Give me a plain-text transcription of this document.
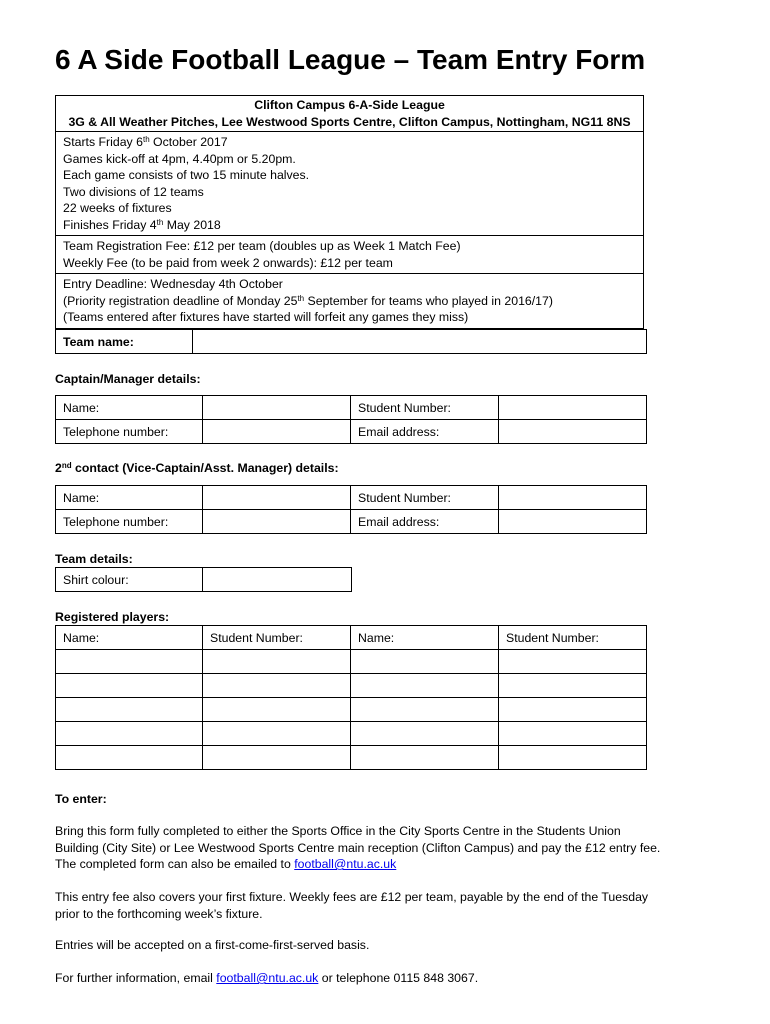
6 A Side Football League – Team Entry Form
Clifton Campus 6-A-Side League
3G & All Weather Pitches, Lee Westwood Sports Centre, Clifton Campus, Nottingham, NG11 8NS
Starts Friday 6th October 2017
Games kick-off at 4pm, 4.40pm or 5.20pm.
Each game consists of two 15 minute halves.
Two divisions of 12 teams
22 weeks of fixtures
Finishes Friday 4th May 2018
Team Registration Fee: £12 per team (doubles up as Week 1 Match Fee)
Weekly Fee (to be paid from week 2 onwards): £12 per team
Entry Deadline: Wednesday 4th October
(Priority registration deadline of Monday 25th September for teams who played in 2016/17)
(Teams entered after fixtures have started will forfeit any games they miss)
Team name:	
Captain/Manager details:
Name:		Student Number:	
Telephone number:		Email address:	
2nd contact (Vice-Captain/Asst. Manager) details:
Name:		Student Number:	
Telephone number:		Email address:	
Team details:
Shirt colour:	
Registered players:
Name:	Student Number:	Name:	Student Number:

To enter:
Bring this form fully completed to either the Sports Office in the City Sports Centre in the Students Union
Building (City Site) or Lee Westwood Sports Centre main reception (Clifton Campus) and pay the £12 entry fee.
The completed form can also be emailed to football@ntu.ac.uk
This entry fee also covers your first fixture. Weekly fees are £12 per team, payable by the end of the Tuesday
prior to the forthcoming week’s fixture.
Entries will be accepted on a first-come-first-served basis.
For further information, email football@ntu.ac.uk or telephone 0115 848 3067.
